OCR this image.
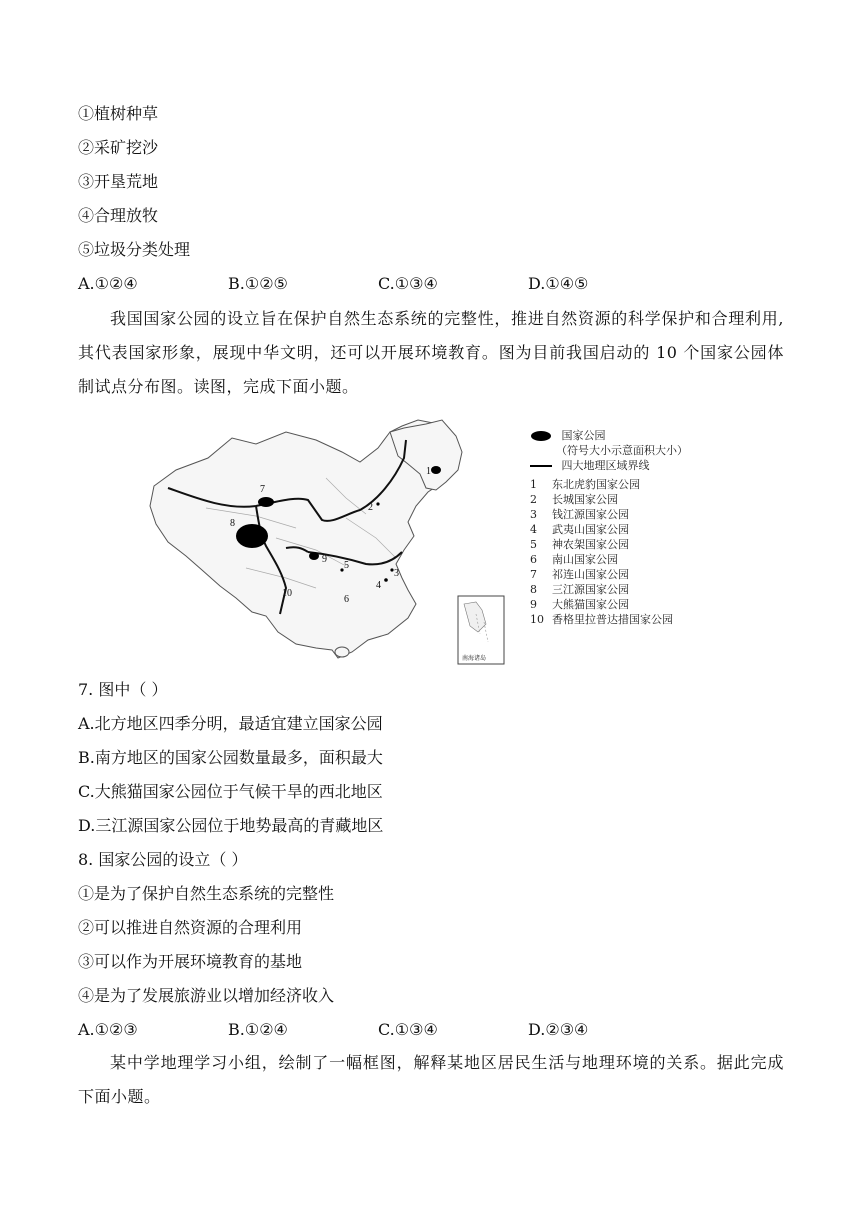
①植树种草
②采矿挖沙
③开垦荒地
④合理放牧
⑤垃圾分类处理
A.①②④	B.①②⑤	C.①③④	D.①④⑤
我国国家公园的设立旨在保护自然生态系统的完整性，推进自然资源的科学保护和合理利用,其代表国家形象，展现中华文明，还可以开展环境教育。图为目前我国启动的 10 个国家公园体制试点分布图。读图，完成下面小题。
1
2
3
4
5
6
7
8
9
10
南海诸岛
国家公园
（符号大小示意面积大小）
四大地理区域界线
1 东北虎豹国家公园
2 长城国家公园
3 钱江源国家公园
4 武夷山国家公园
5 神农架国家公园
6 南山国家公园
7 祁连山国家公园
8 三江源国家公园
9 大熊猫国家公园
10 香格里拉普达措国家公园
7. 图中（ ）
A.北方地区四季分明，最适宜建立国家公园
B.南方地区的国家公园数量最多，面积最大
C.大熊猫国家公园位于气候干旱的西北地区
D.三江源国家公园位于地势最高的青藏地区
8. 国家公园的设立（ ）
①是为了保护自然生态系统的完整性
②可以推进自然资源的合理利用
③可以作为开展环境教育的基地
④是为了发展旅游业以增加经济收入
A.①②③	B.①②④	C.①③④	D.②③④
某中学地理学习小组，绘制了一幅框图，解释某地区居民生活与地理环境的关系。据此完成下面小题。
